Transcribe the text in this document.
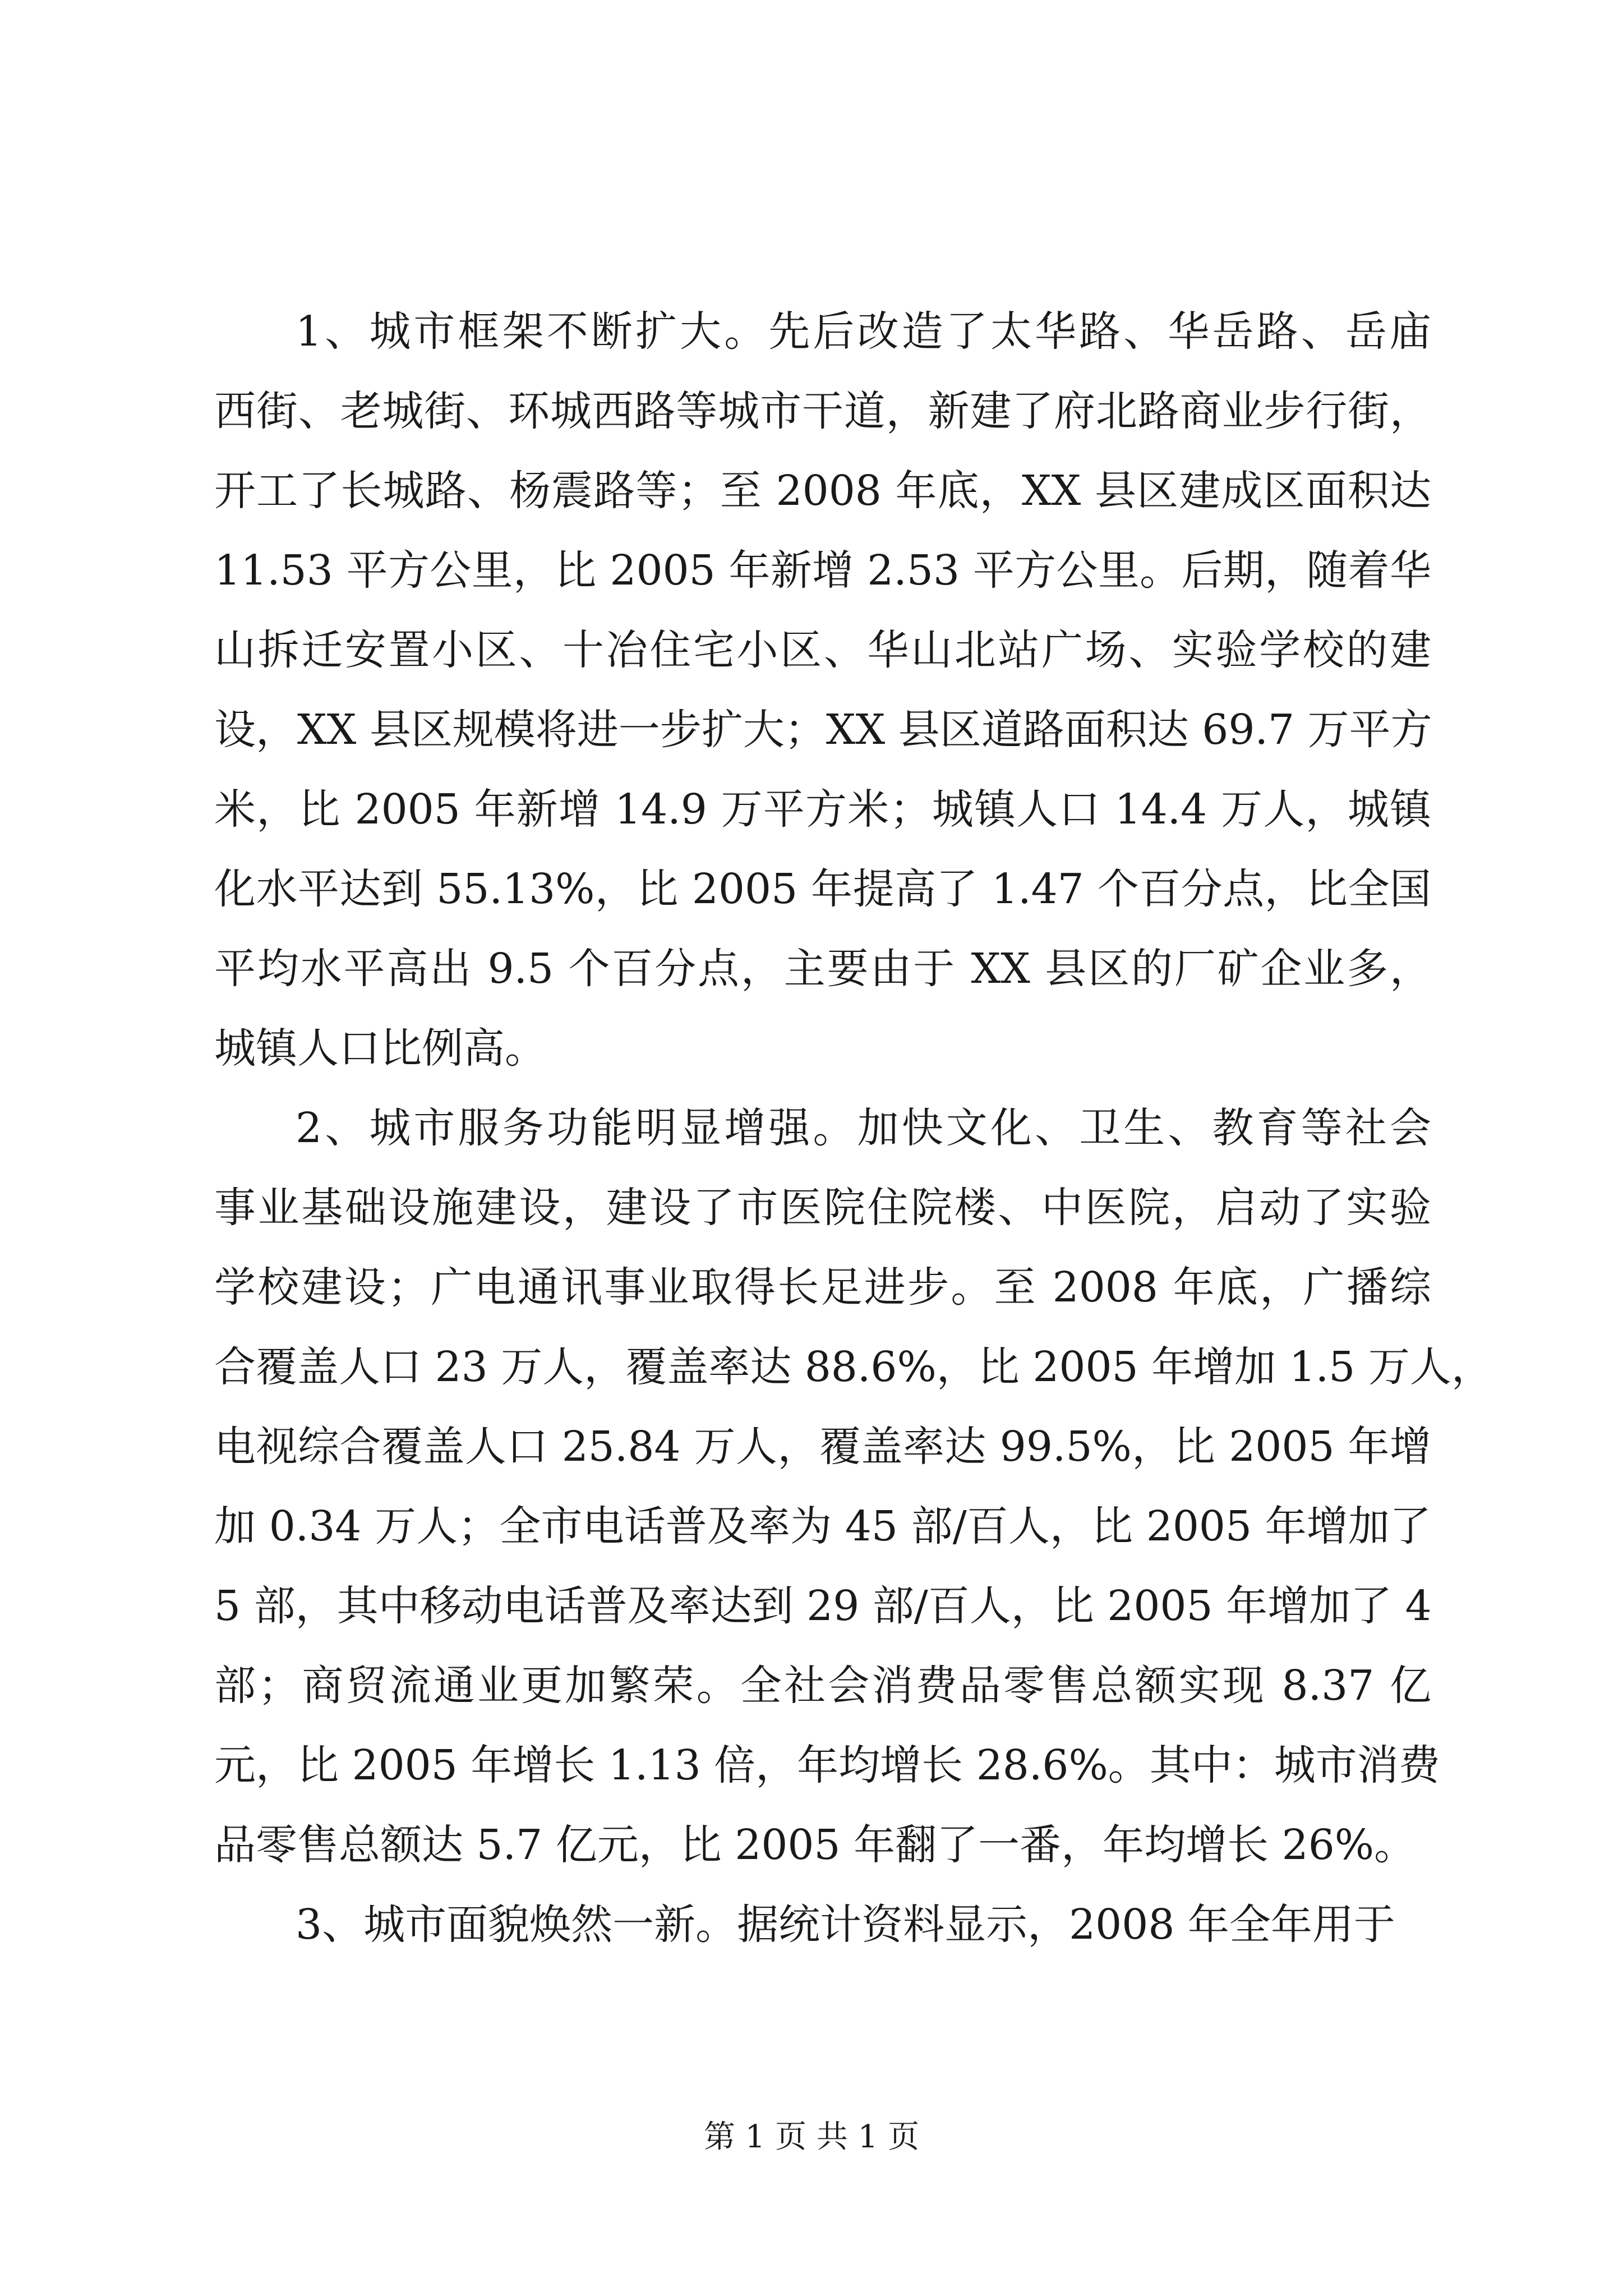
1、城市框架不断扩大。先后改造了太华路、华岳路、岳庙
西街、老城街、环城西路等城市干道，新建了府北路商业步行街，
开工了长城路、杨震路等；至 2008 年底，XX 县区建成区面积达
11.53 平方公里，比 2005 年新增 2.53 平方公里。后期，随着华
山拆迁安置小区、十冶住宅小区、华山北站广场、实验学校的建
设，XX 县区规模将进一步扩大；XX 县区道路面积达 69.7 万平方
米，比 2005 年新增 14.9 万平方米；城镇人口 14.4 万人，城镇
化水平达到 55.13%，比 2005 年提高了 1.47 个百分点，比全国
平均水平高出 9.5 个百分点，主要由于 XX 县区的厂矿企业多，
城镇人口比例高。
2、城市服务功能明显增强。加快文化、卫生、教育等社会
事业基础设施建设，建设了市医院住院楼、中医院，启动了实验
学校建设；广电通讯事业取得长足进步。至 2008 年底，广播综
合覆盖人口 23 万人，覆盖率达 88.6%，比 2005 年增加 1.5 万人，
电视综合覆盖人口 25.84 万人，覆盖率达 99.5%，比 2005 年增
加 0.34 万人；全市电话普及率为 45 部/百人，比 2005 年增加了
5 部，其中移动电话普及率达到 29 部/百人，比 2005 年增加了 4
部；商贸流通业更加繁荣。全社会消费品零售总额实现 8.37 亿
元，比 2005 年增长 1.13 倍，年均增长 28.6%。其中：城市消费
品零售总额达 5.7 亿元，比 2005 年翻了一番，年均增长 26%。
3、城市面貌焕然一新。据统计资料显示，2008 年全年用于
第 1 页 共 1 页
